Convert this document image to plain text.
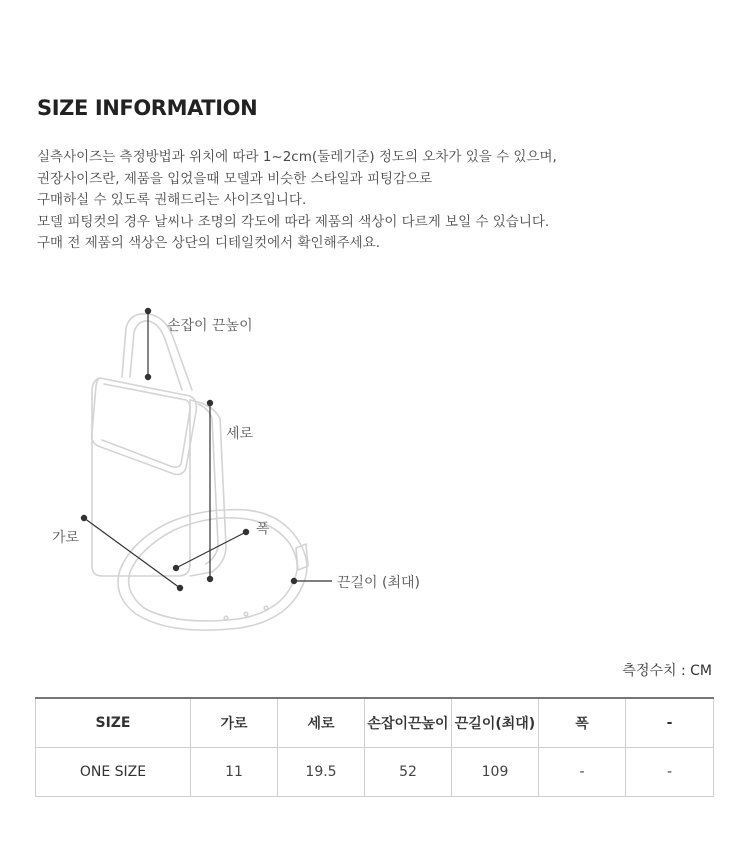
SIZE INFORMATION
실측사이즈는 측정방법과 위치에 따라 1~2cm(둘레기준) 정도의 오차가 있을 수 있으며,
권장사이즈란, 제품을 입었을때 모델과 비슷한 스타일과 피팅감으로
구매하실 수 있도록 권해드리는 사이즈입니다.
모델 피팅컷의 경우 날씨나 조명의 각도에 따라 제품의 색상이 다르게 보일 수 있습니다.
구매 전 제품의 색상은 상단의 디테일컷에서 확인해주세요.
손잡이 끈높이
세로
폭
가로
끈길이 (최대)
측정수치 : CM
SIZE	가로	세로	손잡이끈높이	끈길이(최대)	폭	-
ONE SIZE	11	19.5	52	109	-	-
